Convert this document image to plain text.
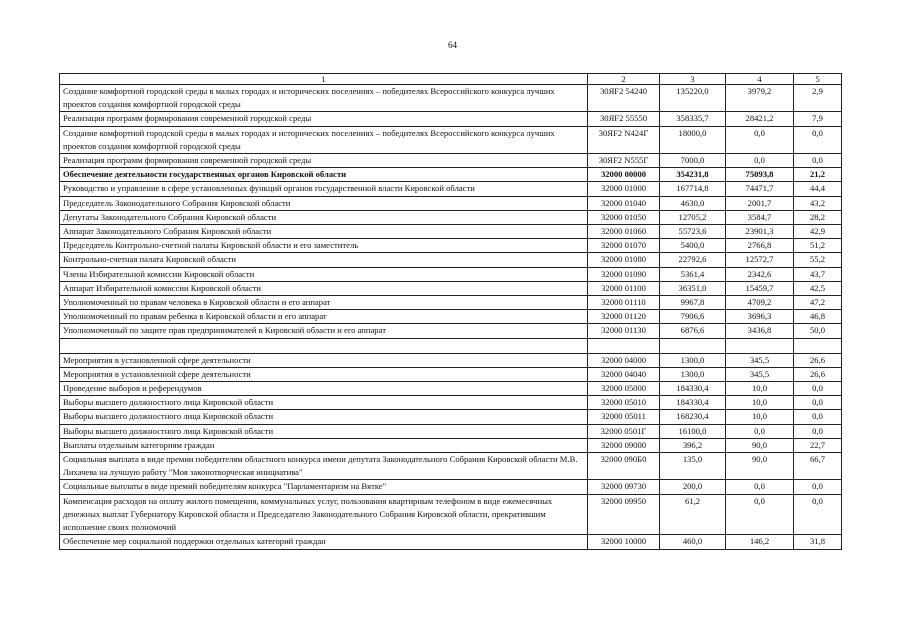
64
1	2	3	4	5
Создание комфортной городской среды в малых городах и исторических поселениях – победителях Всероссийского конкурса лучших проектов создания комфортной городской среды	30ЯF2 54240	135220,0	3979,2	2,9
Реализация программ формирования современной городской среды	30ЯF2 55550	358335,7	28421,2	7,9
Создание комфортной городской среды в малых городах и исторических поселениях – победителях Всероссийского конкурса лучших проектов создания комфортной городской среды	30ЯF2 N424Г	18000,0	0,0	0,0
Реализация программ формирования современной городской среды	30ЯF2 N555Г	7000,0	0,0	0,0
Обеспечение деятельности государственных органов Кировской области	32000 00000	354231,8	75093,8	21,2
Руководство и управление в сфере установленных функций органов государственной власти Кировской области	32000 01000	167714,8	74471,7	44,4
Председатель Законодательного Собрания Кировской области	32000 01040	4630,0	2001,7	43,2
Депутаты Законодательного Собрания Кировской области	32000 01050	12705,2	3584,7	28,2
Аппарат Законодательного Собрания Кировской области	32000 01060	55723,6	23901,3	42,9
Председатель Контрольно-счетной палаты Кировской области и его заместитель	32000 01070	5400,0	2766,8	51,2
Контрольно-счетная палата Кировской области	32000 01080	22792,6	12572,7	55,2
Члены Избирательной комиссии Кировской области	32000 01090	5361,4	2342,6	43,7
Аппарат Избирательной комиссии Кировской области	32000 01100	36351,0	15459,7	42,5
Уполномоченный по правам человека в Кировской области и его аппарат	32000 01110	9967,8	4709,2	47,2
Уполномоченный по правам ребенка в Кировской области и его аппарат	32000 01120	7906,6	3696,3	46,8
Уполномоченный по защите прав предпринимателей в Кировской области и его аппарат	32000 01130	6876,6	3436,8	50,0

Мероприятия в установленной сфере деятельности	32000 04000	1300,0	345,5	26,6
Мероприятия в установленной сфере деятельности	32000 04040	1300,0	345,5	26,6
Проведение выборов и референдумов	32000 05000	184330,4	10,0	0,0
Выборы высшего должностного лица Кировской области	32000 05010	184330,4	10,0	0,0
Выборы высшего должностного лица Кировской области	32000 05011	168230,4	10,0	0,0
Выборы высшего должностного лица Кировской области	32000 0501Г	16100,0	0,0	0,0
Выплаты отдельным категориям граждан	32000 09000	396,2	90,0	22,7
Социальная выплата в виде премии победителям областного конкурса имени депутата Законодательного Собрания Кировской области М.В. Лихачева на лучшую работу "Моя законотворческая инициатива"	32000 090Б0	135,0	90,0	66,7
Социальные выплаты в виде премий победителям конкурса "Парламентаризм на Вятке"	32000 09730	200,0	0,0	0,0
Компенсация расходов на оплату жилого помещения, коммунальных услуг, пользования квартирным телефоном в виде ежемесячных денежных выплат Губернатору Кировской области и Председателю Законодательного Собрания Кировской области, прекратившим исполнение своих полномочий	32000 09950	61,2	0,0	0,0
Обеспечение мер социальной поддержки отдельных категорий граждан	32000 10000	460,0	146,2	31,8
